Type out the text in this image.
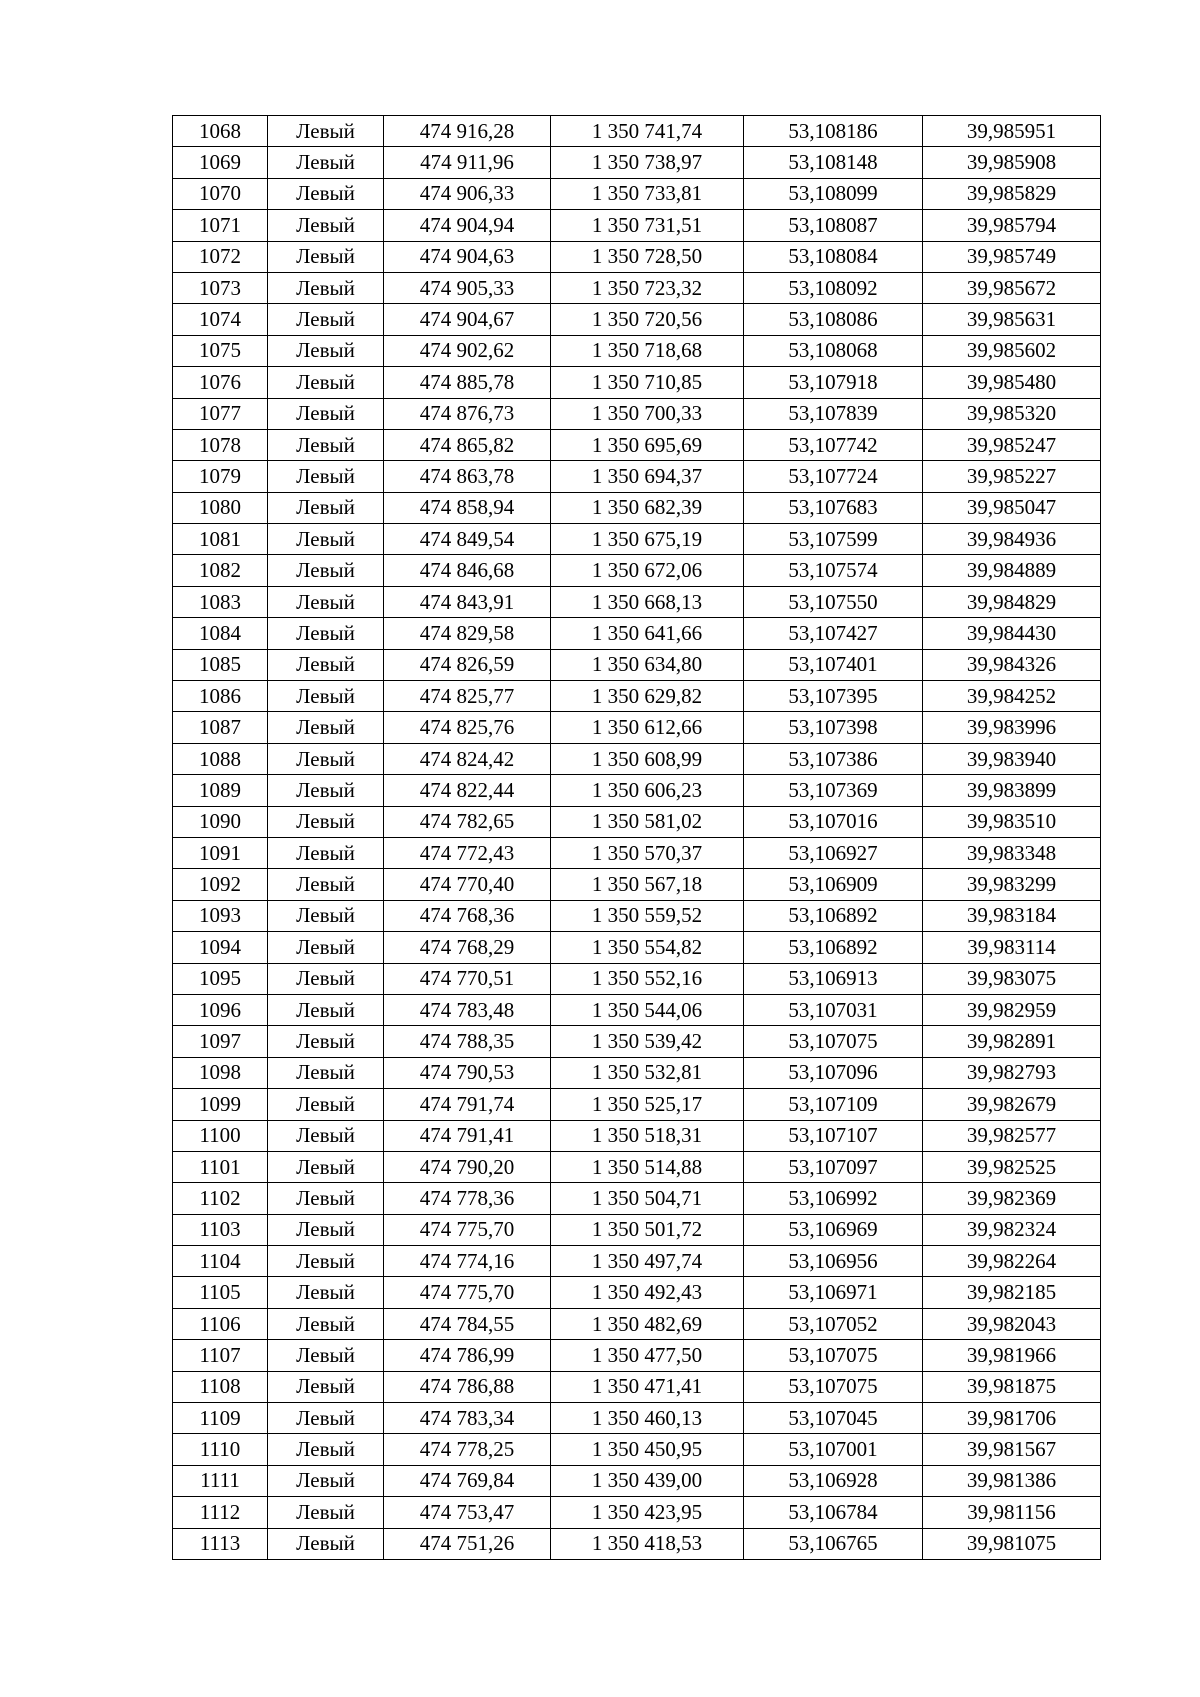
1068	Левый	474 916,28	1 350 741,74	53,108186	39,985951
1069	Левый	474 911,96	1 350 738,97	53,108148	39,985908
1070	Левый	474 906,33	1 350 733,81	53,108099	39,985829
1071	Левый	474 904,94	1 350 731,51	53,108087	39,985794
1072	Левый	474 904,63	1 350 728,50	53,108084	39,985749
1073	Левый	474 905,33	1 350 723,32	53,108092	39,985672
1074	Левый	474 904,67	1 350 720,56	53,108086	39,985631
1075	Левый	474 902,62	1 350 718,68	53,108068	39,985602
1076	Левый	474 885,78	1 350 710,85	53,107918	39,985480
1077	Левый	474 876,73	1 350 700,33	53,107839	39,985320
1078	Левый	474 865,82	1 350 695,69	53,107742	39,985247
1079	Левый	474 863,78	1 350 694,37	53,107724	39,985227
1080	Левый	474 858,94	1 350 682,39	53,107683	39,985047
1081	Левый	474 849,54	1 350 675,19	53,107599	39,984936
1082	Левый	474 846,68	1 350 672,06	53,107574	39,984889
1083	Левый	474 843,91	1 350 668,13	53,107550	39,984829
1084	Левый	474 829,58	1 350 641,66	53,107427	39,984430
1085	Левый	474 826,59	1 350 634,80	53,107401	39,984326
1086	Левый	474 825,77	1 350 629,82	53,107395	39,984252
1087	Левый	474 825,76	1 350 612,66	53,107398	39,983996
1088	Левый	474 824,42	1 350 608,99	53,107386	39,983940
1089	Левый	474 822,44	1 350 606,23	53,107369	39,983899
1090	Левый	474 782,65	1 350 581,02	53,107016	39,983510
1091	Левый	474 772,43	1 350 570,37	53,106927	39,983348
1092	Левый	474 770,40	1 350 567,18	53,106909	39,983299
1093	Левый	474 768,36	1 350 559,52	53,106892	39,983184
1094	Левый	474 768,29	1 350 554,82	53,106892	39,983114
1095	Левый	474 770,51	1 350 552,16	53,106913	39,983075
1096	Левый	474 783,48	1 350 544,06	53,107031	39,982959
1097	Левый	474 788,35	1 350 539,42	53,107075	39,982891
1098	Левый	474 790,53	1 350 532,81	53,107096	39,982793
1099	Левый	474 791,74	1 350 525,17	53,107109	39,982679
1100	Левый	474 791,41	1 350 518,31	53,107107	39,982577
1101	Левый	474 790,20	1 350 514,88	53,107097	39,982525
1102	Левый	474 778,36	1 350 504,71	53,106992	39,982369
1103	Левый	474 775,70	1 350 501,72	53,106969	39,982324
1104	Левый	474 774,16	1 350 497,74	53,106956	39,982264
1105	Левый	474 775,70	1 350 492,43	53,106971	39,982185
1106	Левый	474 784,55	1 350 482,69	53,107052	39,982043
1107	Левый	474 786,99	1 350 477,50	53,107075	39,981966
1108	Левый	474 786,88	1 350 471,41	53,107075	39,981875
1109	Левый	474 783,34	1 350 460,13	53,107045	39,981706
1110	Левый	474 778,25	1 350 450,95	53,107001	39,981567
1111	Левый	474 769,84	1 350 439,00	53,106928	39,981386
1112	Левый	474 753,47	1 350 423,95	53,106784	39,981156
1113	Левый	474 751,26	1 350 418,53	53,106765	39,981075
